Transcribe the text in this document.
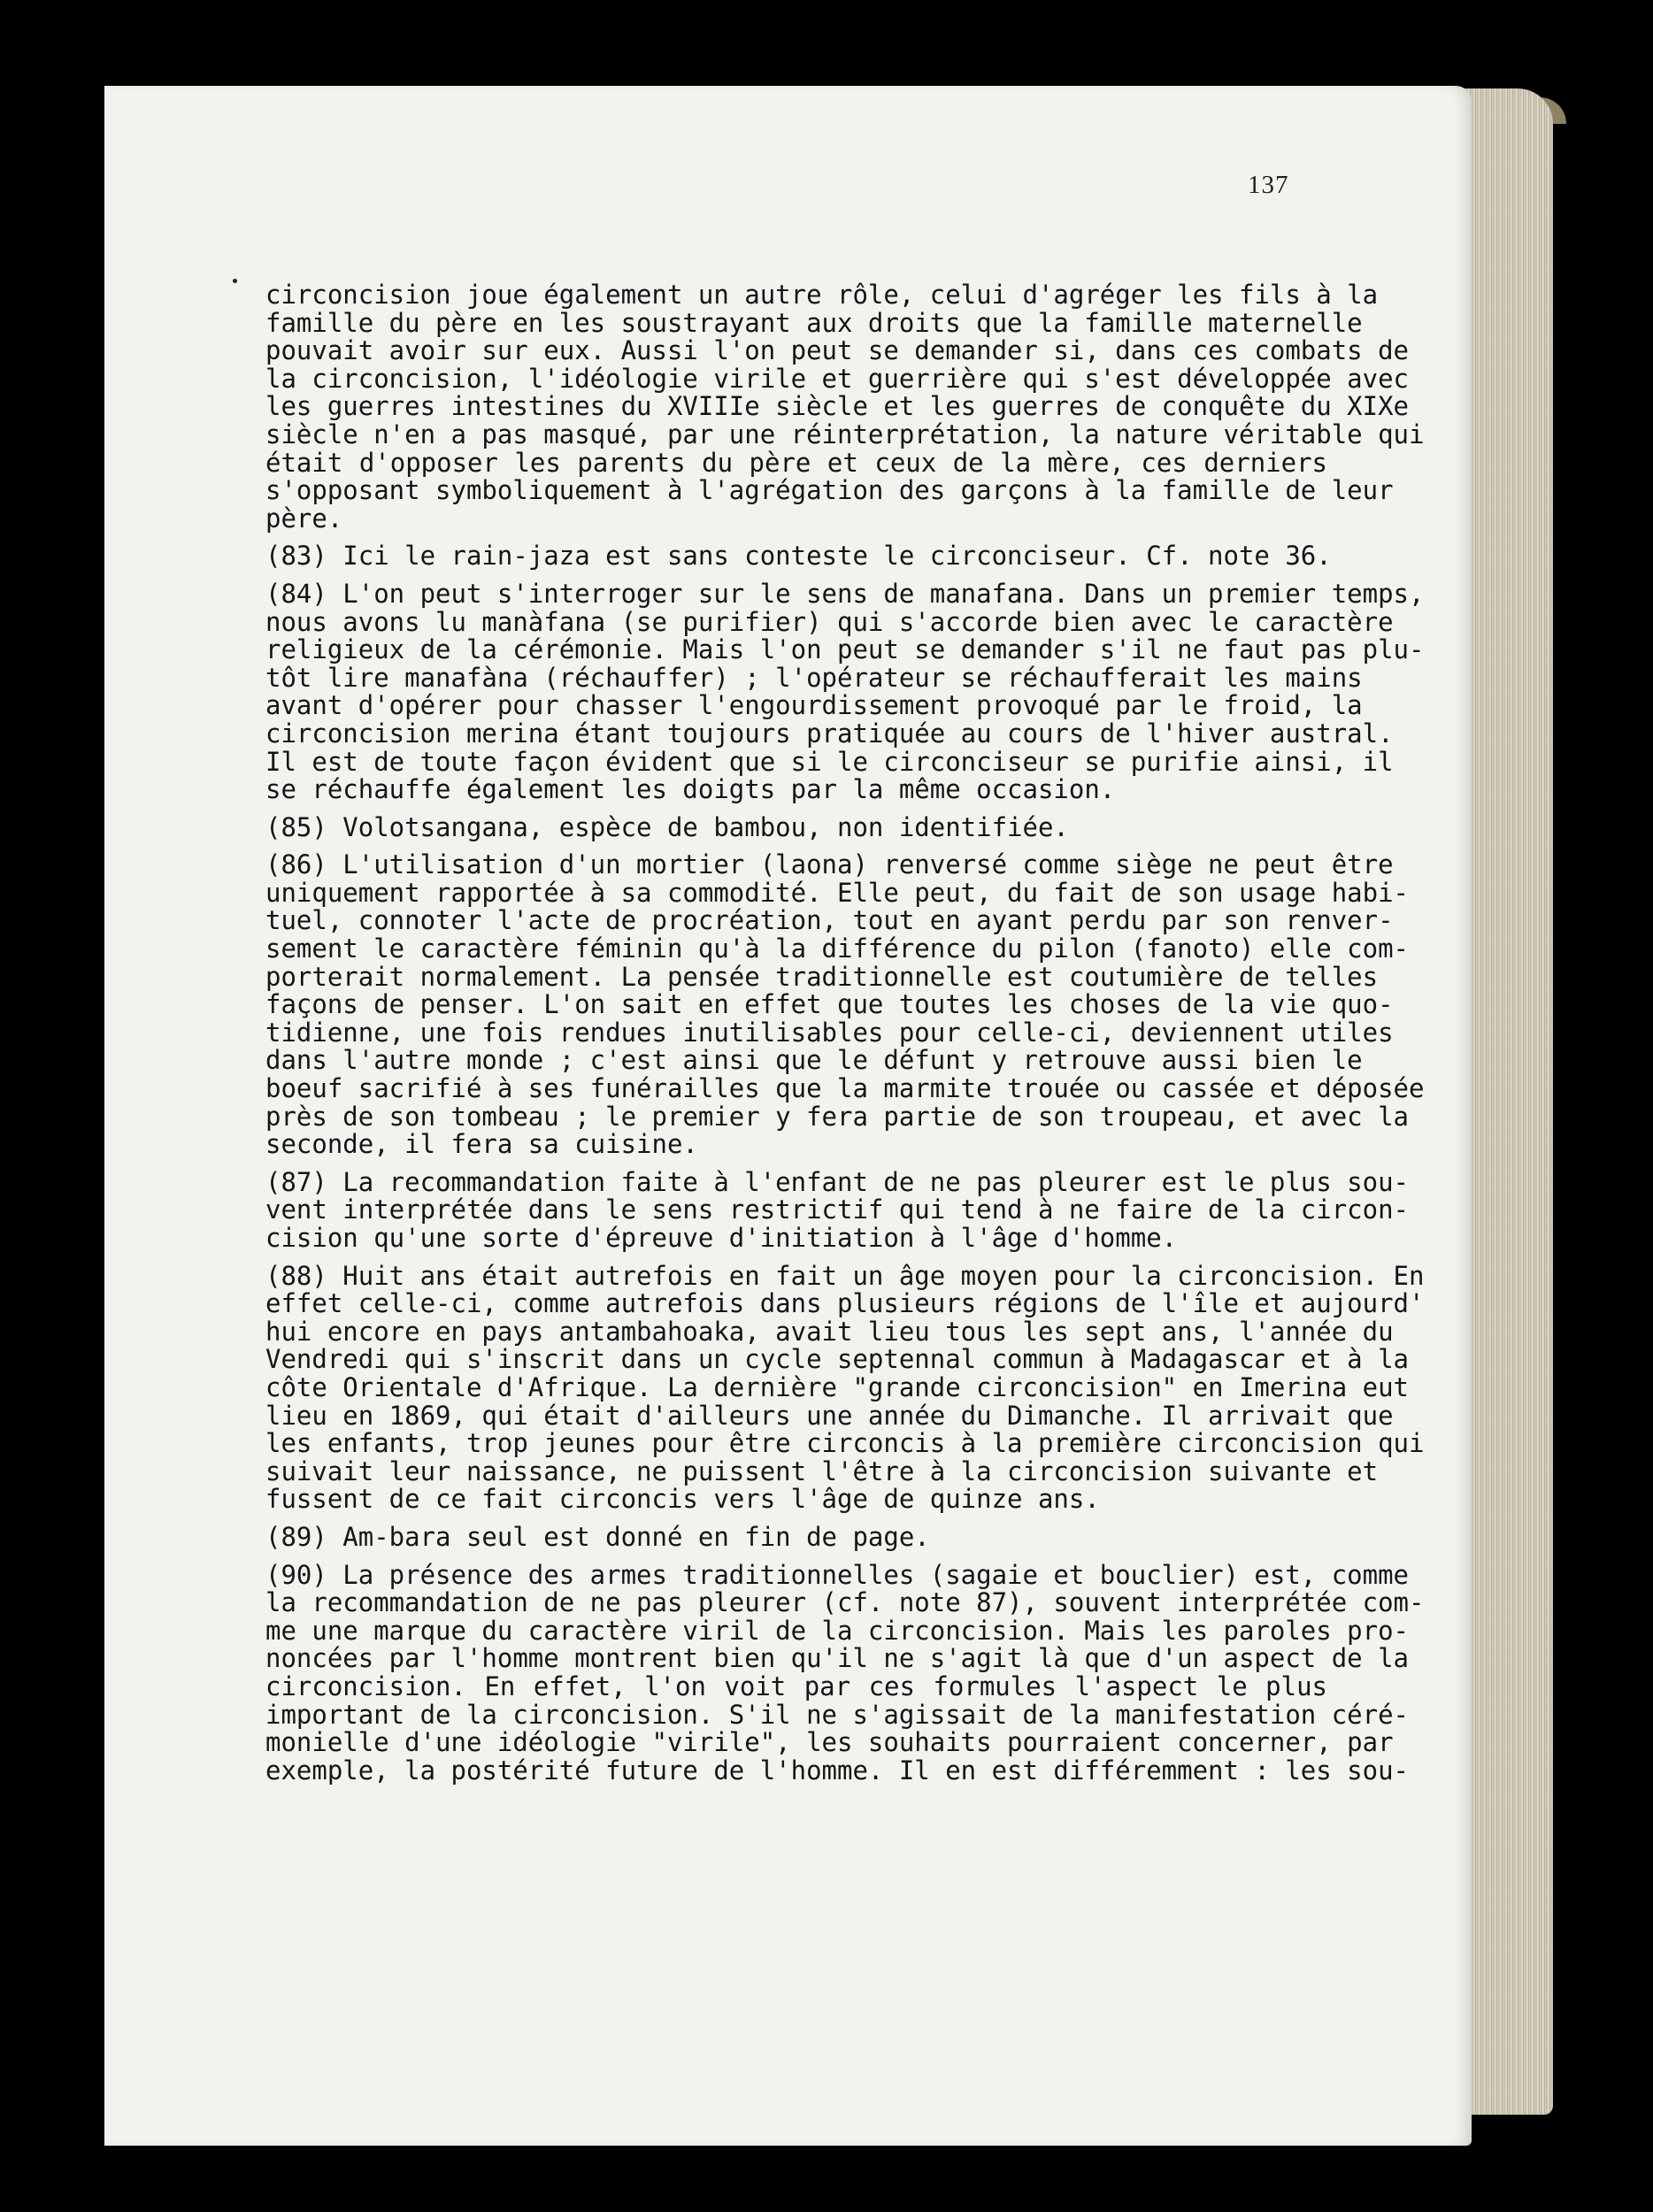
137
circoncision joue également un autre rôle, celui d'agréger les fils à la
famille du père en les soustrayant aux droits que la famille maternelle
pouvait avoir sur eux. Aussi l'on peut se demander si, dans ces combats de
la circoncision, l'idéologie virile et guerrière qui s'est développée avec
les guerres intestines du XVIIIe siècle et les guerres de conquête du XIXe
siècle n'en a pas masqué, par une réinterprétation, la nature véritable qui
était d'opposer les parents du père et ceux de la mère, ces derniers
s'opposant symboliquement à l'agrégation des garçons à la famille de leur
père.
(83) Ici le rain-jaza est sans conteste le circonciseur. Cf. note 36.
(84) L'on peut s'interroger sur le sens de manafana. Dans un premier temps,
nous avons lu manàfana (se purifier) qui s'accorde bien avec le caractère
religieux de la cérémonie. Mais l'on peut se demander s'il ne faut pas plu-
tôt lire manafàna (réchauffer) ; l'opérateur se réchaufferait les mains
avant d'opérer pour chasser l'engourdissement provoqué par le froid, la
circoncision merina étant toujours pratiquée au cours de l'hiver austral.
Il est de toute façon évident que si le circonciseur se purifie ainsi, il
se réchauffe également les doigts par la même occasion.
(85) Volotsangana, espèce de bambou, non identifiée.
(86) L'utilisation d'un mortier (laona) renversé comme siège ne peut être
uniquement rapportée à sa commodité. Elle peut, du fait de son usage habi-
tuel, connoter l'acte de procréation, tout en ayant perdu par son renver-
sement le caractère féminin qu'à la différence du pilon (fanoto) elle com-
porterait normalement. La pensée traditionnelle est coutumière de telles
façons de penser. L'on sait en effet que toutes les choses de la vie quo-
tidienne, une fois rendues inutilisables pour celle-ci, deviennent utiles
dans l'autre monde ; c'est ainsi que le défunt y retrouve aussi bien le
boeuf sacrifié à ses funérailles que la marmite trouée ou cassée et déposée
près de son tombeau ; le premier y fera partie de son troupeau, et avec la
seconde, il fera sa cuisine.
(87) La recommandation faite à l'enfant de ne pas pleurer est le plus sou-
vent interprétée dans le sens restrictif qui tend à ne faire de la circon-
cision qu'une sorte d'épreuve d'initiation à l'âge d'homme.
(88) Huit ans était autrefois en fait un âge moyen pour la circoncision. En
effet celle-ci, comme autrefois dans plusieurs régions de l'île et aujourd'
hui encore en pays antambahoaka, avait lieu tous les sept ans, l'année du
Vendredi qui s'inscrit dans un cycle septennal commun à Madagascar et à la
côte Orientale d'Afrique. La dernière "grande circoncision" en Imerina eut
lieu en 1869, qui était d'ailleurs une année du Dimanche. Il arrivait que
les enfants, trop jeunes pour être circoncis à la première circoncision qui
suivait leur naissance, ne puissent l'être à la circoncision suivante et
fussent de ce fait circoncis vers l'âge de quinze ans.
(89) Am-bara seul est donné en fin de page.
(90) La présence des armes traditionnelles (sagaie et bouclier) est, comme
la recommandation de ne pas pleurer (cf. note 87), souvent interprétée com-
me une marque du caractère viril de la circoncision. Mais les paroles pro-
noncées par l'homme montrent bien qu'il ne s'agit là que d'un aspect de la
circoncision. En effet, l'on voit par ces formules l'aspect le plus
important de la circoncision. S'il ne s'agissait de la manifestation céré-
monielle d'une idéologie "virile", les souhaits pourraient concerner, par
exemple, la postérité future de l'homme. Il en est différemment : les sou-
